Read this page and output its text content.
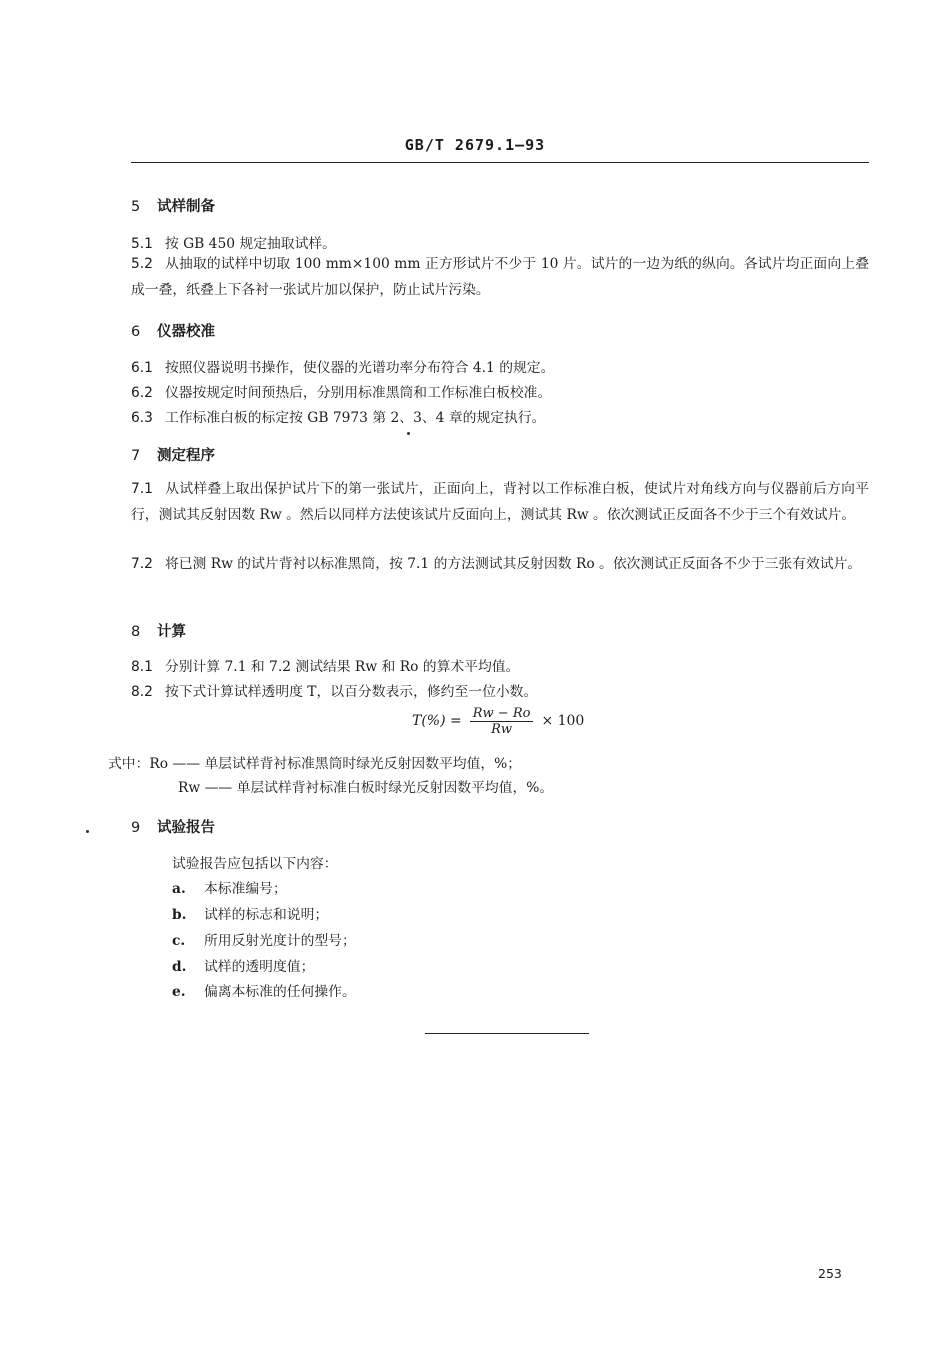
GB/T 2679.1—93
5 试样制备
5.1 按 GB 450 规定抽取试样。
5.2 从抽取的试样中切取 100 mm×100 mm 正方形试片不少于 10 片。试片的一边为纸的纵向。各试片均正面向上叠成一叠，纸叠上下各衬一张试片加以保护，防止试片污染。
6 仪器校准
6.1 按照仪器说明书操作，使仪器的光谱功率分布符合 4.1 的规定。
6.2 仪器按规定时间预热后，分别用标准黑筒和工作标准白板校准。
6.3 工作标准白板的标定按 GB 7973 第 2、3、4 章的规定执行。
7 测定程序
7.1 从试样叠上取出保护试片下的第一张试片，正面向上，背衬以工作标准白板，使试片对角线方向与仪器前后方向平行，测试其反射因数 Rw 。然后以同样方法使该试片反面向上，测试其 Rw 。依次测试正反面各不少于三个有效试片。
7.2 将已测 Rw 的试片背衬以标准黑筒，按 7.1 的方法测试其反射因数 Ro 。依次测试正反面各不少于三张有效试片。
8 计算
8.1 分别计算 7.1 和 7.2 测试结果 Rw 和 Ro 的算术平均值。
8.2 按下式计算试样透明度 T，以百分数表示，修约至一位小数。
$T(\%) = \frac{Rw - Ro}{Rw} \times 100$
式中：Ro —— 单层试样背衬标准黑筒时绿光反射因数平均值，%；
Rw —— 单层试样背衬标准白板时绿光反射因数平均值，%。
9 试验报告
试验报告应包括以下内容：
a. 本标准编号；
b. 试样的标志和说明；
c. 所用反射光度计的型号；
d. 试样的透明度值；
e. 偏离本标准的任何操作。
253
